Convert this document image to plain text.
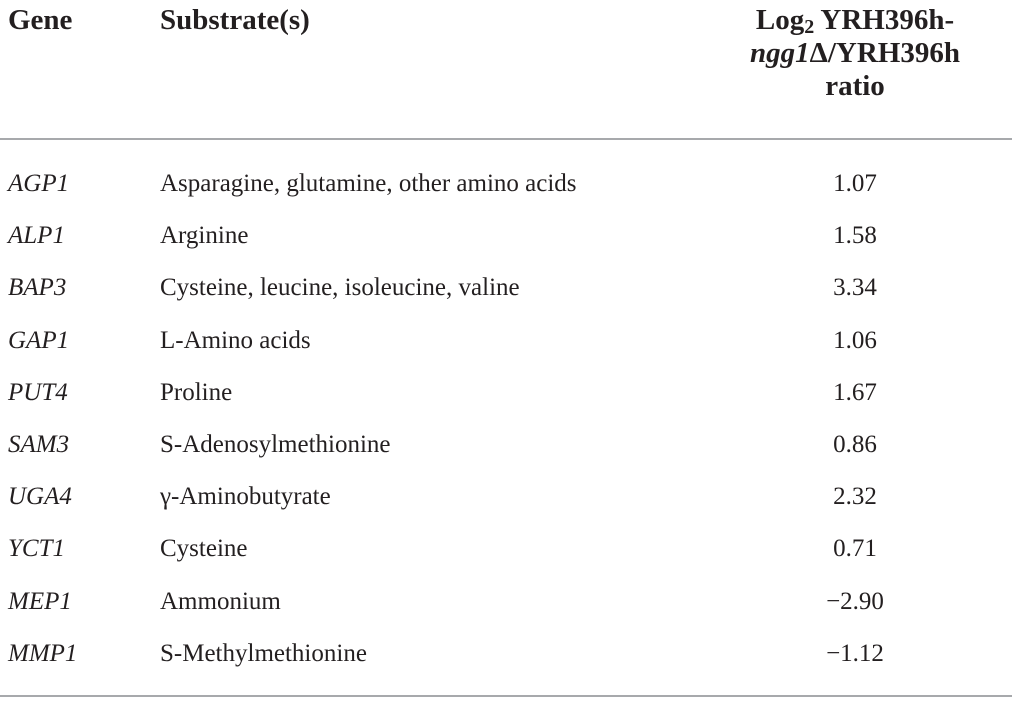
Gene	Substrate(s)	Log$_2$ YRH396h-
ngg1Δ/YRH396h
ratio
AGP1	Asparagine, glutamine, other amino acids	1.07
ALP1	Arginine	1.58
BAP3	Cysteine, leucine, isoleucine, valine	3.34
GAP1	L-Amino acids	1.06
PUT4	Proline	1.67
SAM3	S-Adenosylmethionine	0.86
UGA4	γ-Aminobutyrate	2.32
YCT1	Cysteine	0.71
MEP1	Ammonium	−2.90
MMP1	S-Methylmethionine	−1.12
